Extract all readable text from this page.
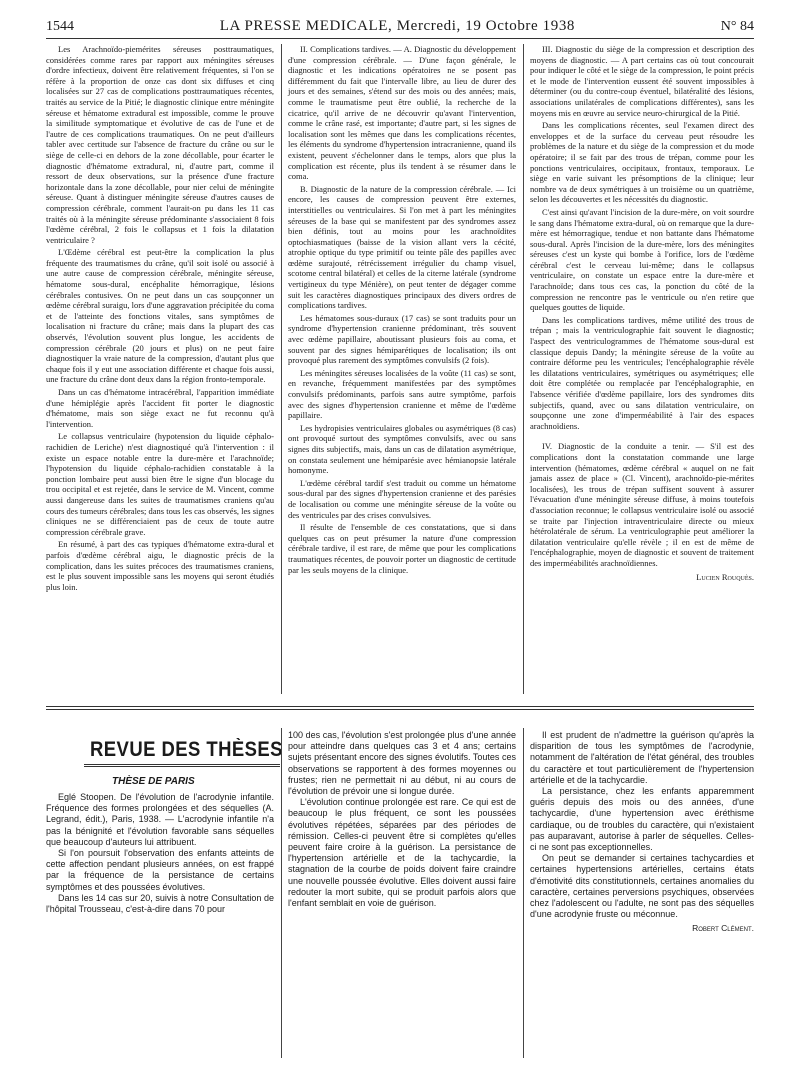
1544	LA PRESSE MEDICALE, Mercredi, 19 Octobre 1938	N° 84

Les Arachnoïdo-piemérites séreuses posttraumatiques, considérées comme rares par rapport aux méningites séreuses d'ordre infectieux, doivent être relativement fréquentes, si l'on se réfère à la proportion de onze cas dont six diffuses et cinq localisées sur 27 cas de complications posttraumatiques récentes, traités au service de la Pitié; le diagnostic clinique entre méningite séreuse et hématome extradural est impossible, comme le prouve la similitude symptomatique et évolutive de cas de l'une et de l'autre de ces complications traumatiques. On ne peut d'ailleurs tabler avec certitude sur l'absence de fracture du crâne ou sur le siège de celle-ci en dehors de la zone décollable, pour écarter le diagnostic d'hématome extradural, ni, d'autre part, comme il ressort de deux observations, sur la présence d'une fracture horizontale dans la zone décollable, pour nier celui de méningite séreuse. Quant à distinguer méningite séreuse d'autres causes de compression cérébrale, comment l'aurait-on pu dans les 11 cas traités où à la méningite séreuse prédominante s'associaient 8 fois l'œdème cérébral, 2 fois le collapsus et 1 fois la dilatation ventriculaire ?

L'Œdème cérébral est peut-être la complication la plus fréquente des traumatismes du crâne, qu'il soit isolé ou associé à une autre cause de compression cérébrale, méningite séreuse, hématome sous-dural, encéphalite hémorragique, lésions cérébrales contusives. On ne peut dans un cas soupçonner un œdème cérébral suraigu, lors d'une aggravation précipitée du coma et de l'atteinte des fonctions vitales, sans symptômes de localisation ni fracture du crâne; mais dans la plupart des cas observés, l'évolution souvent plus longue, les accidents de compression cérébrale (20 jours et plus) on ne peut faire diagnostiquer la vraie nature de la compression, d'autant plus que chaque fois il y eut une association différente et chaque fois aussi, une fracture du crâne dont deux dans la région fronto-temporale.

Dans un cas d'hématome intracérébral, l'apparition immédiate d'une hémiplégie après l'accident fit porter le diagnostic d'hématome, mais son siège exact ne fut reconnu qu'à l'intervention.

Le collapsus ventriculaire (hypotension du liquide céphalo-rachidien de Leriche) n'est diagnostiqué qu'à l'intervention : il existe un espace notable entre la dure-mère et l'arachnoïde; l'hypotension du liquide céphalo-rachidien constatable à la ponction lombaire peut aussi bien être le signe d'un blocage du trou occipital et est rejetée, dans le service de M. Vincent, comme aussi dangereuse dans les suites de traumatismes craniens qu'au cours des tumeurs cérébrales; dans tous les cas observés, les signes cliniques ne se différenciaient pas de ceux de toute autre compression cérébrale grave.

En résumé, à part des cas typiques d'hématome extra-dural et parfois d'œdème cérébral aigu, le diagnostic précis de la complication, dans les suites précoces des traumatismes craniens, est le plus souvent impossible sans les moyens qui seront étudiés plus loin.

II. Complications tardives. — A. Diagnostic du développement d'une compression cérébrale. — D'une façon générale, le diagnostic et les indications opératoires ne se posent pas différemment du fait que l'intervalle libre, au lieu de durer des jours et des semaines, s'étend sur des mois ou des années; mais, comme le traumatisme peut être oublié, la recherche de la cicatrice, qu'il arrive de ne découvrir qu'avant l'intervention, comme le crâne rasé, est importante; d'autre part, si les signes de localisation sont les mêmes que dans les complications récentes, les éléments du syndrome d'hypertension intracranienne, quand ils existent, peuvent s'échelonner dans le temps, alors que plus la complication est récente, plus ils tendent à se résumer dans le coma.

B. Diagnostic de la nature de la compression cérébrale. — Ici encore, les causes de compression peuvent être externes, interstitielles ou ventriculaires. Si l'on met à part les méningites séreuses de la base qui se manifestent par des syndromes assez bien définis, tout au moins pour les arachnoïdites optochiasmatiques (baisse de la vision allant vers la cécité, atrophie optique du type primitif ou teinte pâle des papilles avec œdème surajouté, rétrécissement irrégulier du champ visuel, scotome central bilatéral) et celles de la citerne latérale (syndrome vertigineux du type Ménière), on peut tenter de dégager comme suit les caractères diagnostiques principaux des divers ordres de complications tardives.

Les hématomes sous-duraux (17 cas) se sont traduits pour un syndrome d'hypertension cranienne prédominant, très souvent avec œdème papillaire, aboutissant plusieurs fois au coma, et souvent par des signes hémiparétiques de localisation; ils ont provoqué plus rarement des symptômes convulsifs (2 fois).

Les méningites séreuses localisées de la voûte (11 cas) se sont, en revanche, fréquemment manifestées par des symptômes convulsifs prédominants, parfois sans autre symptôme, parfois avec des signes d'hypertension cranienne et même de l'œdème papillaire.

Les hydropisies ventriculaires globales ou asymétriques (8 cas) ont provoqué surtout des symptômes convulsifs, avec ou sans signes dits subjectifs, mais, dans un cas de dilatation asymétrique, on constata seulement une hémiparésie avec hémianopsie latérale homonyme.

L'œdème cérébral tardif s'est traduit ou comme un hématome sous-dural par des signes d'hypertension cranienne et des parésies de localisation ou comme une méningite séreuse de la voûte ou des ventricules par des crises convulsives.

Il résulte de l'ensemble de ces constatations, que si dans quelques cas on peut présumer la nature d'une compression cérébrale tardive, il est rare, de même que pour les complications traumatiques récentes, de pouvoir porter un diagnostic de certitude par les seuls moyens de la clinique.

III. Diagnostic du siège de la compression et description des moyens de diagnostic. — A part certains cas où tout concourait pour indiquer le côté et le siège de la compression, le point précis et le mode de l'intervention eussent été souvent impossibles à déterminer (ou du contre-coup éventuel, bilatéralité des lésions, associations unilatérales de complications différentes), sans les moyens mis en œuvre au service neuro-chirurgical de la Pitié.

Dans les complications récentes, seul l'examen direct des enveloppes et de la surface du cerveau peut résoudre les problèmes de la nature et du siège de la compression et du mode opératoire; il se fait par des trous de trépan, comme pour les ponctions ventriculaires, occipitaux, frontaux, temporaux. Le siège en varie suivant les présomptions de la clinique; leur nombre va de deux symétriques à un troisième ou un quatrième, selon les découvertes et les nécessités du diagnostic.

C'est ainsi qu'avant l'incision de la dure-mère, on voit sourdre le sang dans l'hématome extra-dural, où on remarque que la dure-mère est hémorragique, tendue et non battante dans l'hématome sous-dural. Après l'incision de la dure-mère, lors des méningites séreuses c'est un kyste qui bombe à l'orifice, lors de l'œdème cérébral c'est le cerveau lui-même; dans le collapsus ventriculaire, on constate un espace entre la dure-mère et l'arachnoïde; dans tous ces cas, la ponction du côté de la compression ne rencontre pas le ventricule ou n'en retire que quelques gouttes de liquide.

Dans les complications tardives, même utilité des trous de trépan ; mais la ventriculographie fait souvent le diagnostic; l'aspect des ventriculogrammes de l'hématome sous-dural est classique depuis Dandy; la méningite séreuse de la voûte au contraire déforme peu les ventricules; l'encéphalographie révèle les dilatations ventriculaires, symétriques ou asymétriques; elle doit être complétée ou remplacée par l'encéphalographie, en l'absence vérifiée d'œdème papillaire, lors des syndromes dits subjectifs, quand, avec ou sans dilatation ventriculaire, on soupçonne une zone d'imperméabilité à l'air des espaces arachnoïdiens.

IV. Diagnostic de la conduite a tenir. — S'il est des complications dont la constatation commande une large intervention (hématomes, œdème cérébral « auquel on ne fait jamais assez de place » (Cl. Vincent), arachnoïdo-pie-mérites localisées), les trous de trépan suffisent souvent à assurer l'évacuation d'une méningite séreuse diffuse, à moins toutefois d'association reconnue; le collapsus ventriculaire isolé ou associé se traite par l'injection intraventriculaire directe ou mieux hétérolatérale de sérum. La ventriculographie peut améliorer la dilatation ventriculaire qu'elle révèle ; il en est de même de l'encéphalographie, moyen de diagnostic et souvent de traitement des imperméabilités arachnoïdiennes.

Lucien Rouquès.

REVUE DES THÈSES
THÈSE DE PARIS

Eglé Stoopen. De l'évolution de l'acrodynie infantile. Fréquence des formes prolongées et des séquelles (A. Legrand, édit.), Paris, 1938. — L'acrodynie infantile n'a pas la bénignité et l'évolution favorable sans séquelles que beaucoup d'auteurs lui attribuent.

Si l'on poursuit l'observation des enfants atteints de cette affection pendant plusieurs années, on est frappé par la fréquence de la persistance de certains symptômes et des poussées évolutives.

Dans les 14 cas sur 20, suivis à notre Consultation de l'hôpital Trousseau, c'est-à-dire dans 70 pour

100 des cas, l'évolution s'est prolongée plus d'une année pour atteindre dans quelques cas 3 et 4 ans; certains sujets présentant encore des signes évolutifs. Toutes ces observations se rapportent à des formes moyennes ou frustes; rien ne permettait ni au début, ni au cours de l'évolution de prévoir une si longue durée.

L'évolution continue prolongée est rare. Ce qui est de beaucoup le plus fréquent, ce sont les poussées évolutives répétées, séparées par des périodes de rémission. Celles-ci peuvent être si complètes qu'elles peuvent faire croire à la guérison. La persistance de l'hypertension artérielle et de la tachycardie, la stagnation de la courbe de poids doivent faire craindre une nouvelle poussée évolutive. Elles doivent aussi faire redouter la mort subite, qui se produit parfois alors que l'enfant semblait en voie de guérison.

Il est prudent de n'admettre la guérison qu'après la disparition de tous les symptômes de l'acrodynie, notamment de l'altération de l'état général, des troubles du caractère et tout particulièrement de l'hypertension artérielle et de la tachycardie.

La persistance, chez les enfants apparemment guéris depuis des mois ou des années, d'une tachycardie, d'une hypertension avec éréthisme cardiaque, ou de troubles du caractère, qui n'existaient pas auparavant, autorise à parler de séquelles. Celles-ci ne sont pas exceptionnelles.

On peut se demander si certaines tachycardies et certaines hypertensions artérielles, certains états d'émotivité dits constitutionnels, certaines anomalies du caractère, certaines perversions psychiques, observées chez l'adolescent ou l'adulte, ne sont pas des séquelles d'une acrodynie fruste ou méconnue.

Robert Clément.
